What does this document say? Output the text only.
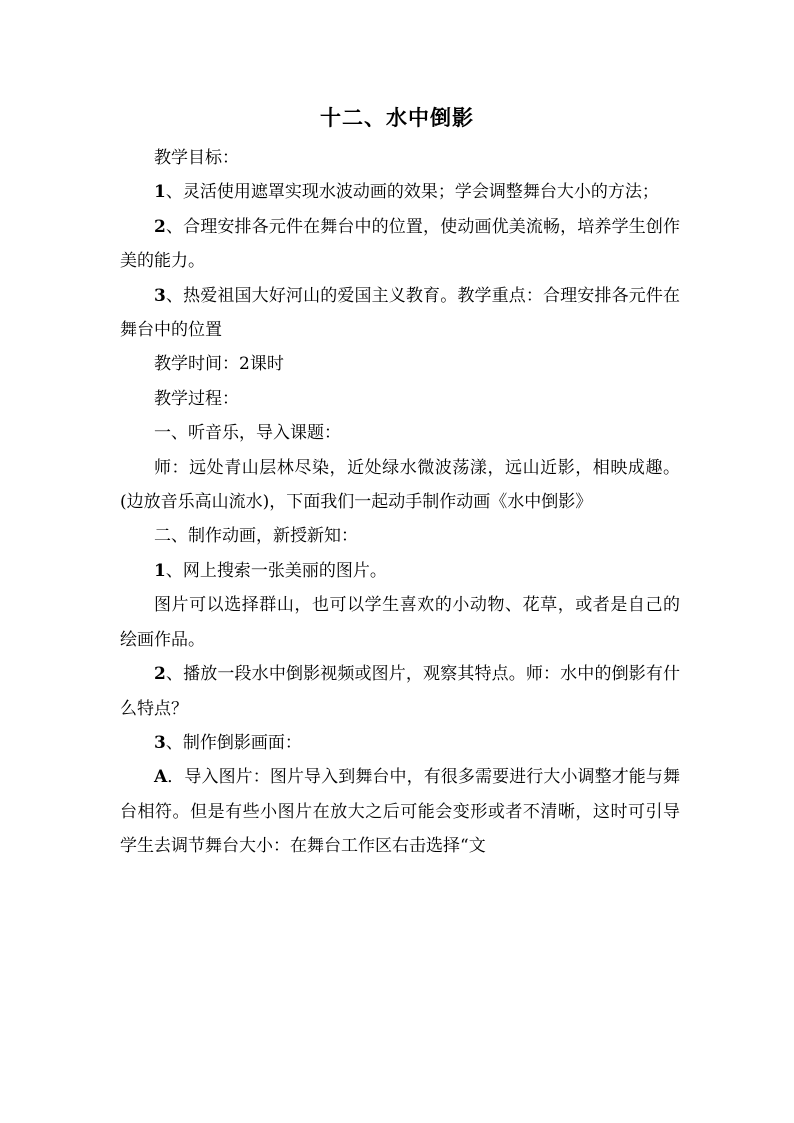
十二、水中倒影

教学目标：

1、灵活使用遮罩实现水波动画的效果；学会调整舞台大小的方法；

2、合理安排各元件在舞台中的位置，使动画优美流畅，培养学生创作美的能力。

3、热爱祖国大好河山的爱国主义教育。教学重点：合理安排各元件在舞台中的位置

教学时间：2课时

教学过程：

一、听音乐，导入课题：

师：远处青山层林尽染，近处绿水微波荡漾，远山近影，相映成趣。(边放音乐高山流水)，下面我们一起动手制作动画《水中倒影》

二、制作动画，新授新知：

1、网上搜索一张美丽的图片。

图片可以选择群山，也可以学生喜欢的小动物、花草，或者是自己的绘画作品。

2、播放一段水中倒影视频或图片，观察其特点。师：水中的倒影有什么特点？

3、制作倒影画面：

A．导入图片：图片导入到舞台中，有很多需要进行大小调整才能与舞台相符。但是有些小图片在放大之后可能会变形或者不清晰，这时可引导学生去调节舞台大小：在舞台工作区右击选择“文
